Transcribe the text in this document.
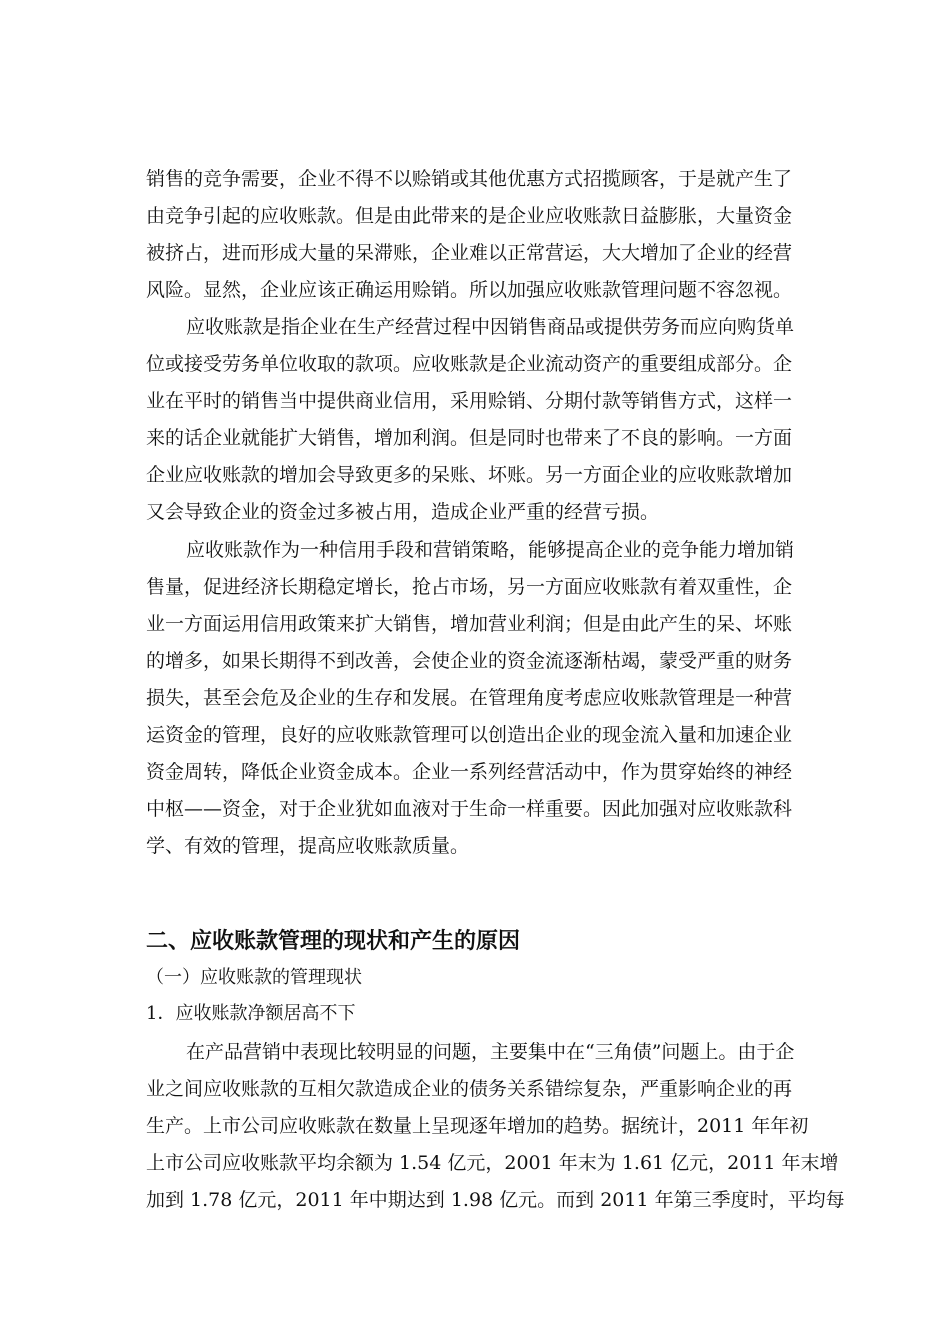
销售的竞争需要，企业不得不以赊销或其他优惠方式招揽顾客，于是就产生了
由竞争引起的应收账款。但是由此带来的是企业应收账款日益膨胀，大量资金
被挤占，进而形成大量的呆滞账，企业难以正常营运，大大增加了企业的经营
风险。显然，企业应该正确运用赊销。所以加强应收账款管理问题不容忽视。
应收账款是指企业在生产经营过程中因销售商品或提供劳务而应向购货单
位或接受劳务单位收取的款项。应收账款是企业流动资产的重要组成部分。企
业在平时的销售当中提供商业信用，采用赊销、分期付款等销售方式，这样一
来的话企业就能扩大销售，增加利润。但是同时也带来了不良的影响。一方面
企业应收账款的增加会导致更多的呆账、坏账。另一方面企业的应收账款增加
又会导致企业的资金过多被占用，造成企业严重的经营亏损。
应收账款作为一种信用手段和营销策略，能够提高企业的竞争能力增加销
售量，促进经济长期稳定增长，抢占市场，另一方面应收账款有着双重性，企
业一方面运用信用政策来扩大销售，增加营业利润；但是由此产生的呆、坏账
的增多，如果长期得不到改善，会使企业的资金流逐渐枯竭，蒙受严重的财务
损失，甚至会危及企业的生存和发展。在管理角度考虑应收账款管理是一种营
运资金的管理，良好的应收账款管理可以创造出企业的现金流入量和加速企业
资金周转，降低企业资金成本。企业一系列经营活动中，作为贯穿始终的神经
中枢——资金，对于企业犹如血液对于生命一样重要。因此加强对应收账款科
学、有效的管理，提高应收账款质量。
二、应收账款管理的现状和产生的原因
（一）应收账款的管理现状
1．应收账款净额居高不下
在产品营销中表现比较明显的问题，主要集中在“三角债”问题上。由于企
业之间应收账款的互相欠款造成企业的债务关系错综复杂，严重影响企业的再
生产。上市公司应收账款在数量上呈现逐年增加的趋势。据统计，2011 年年初
上市公司应收账款平均余额为 1.54 亿元，2001 年末为 1.61 亿元，2011 年末增
加到 1.78 亿元，2011 年中期达到 1.98 亿元。而到 2011 年第三季度时，平均每
